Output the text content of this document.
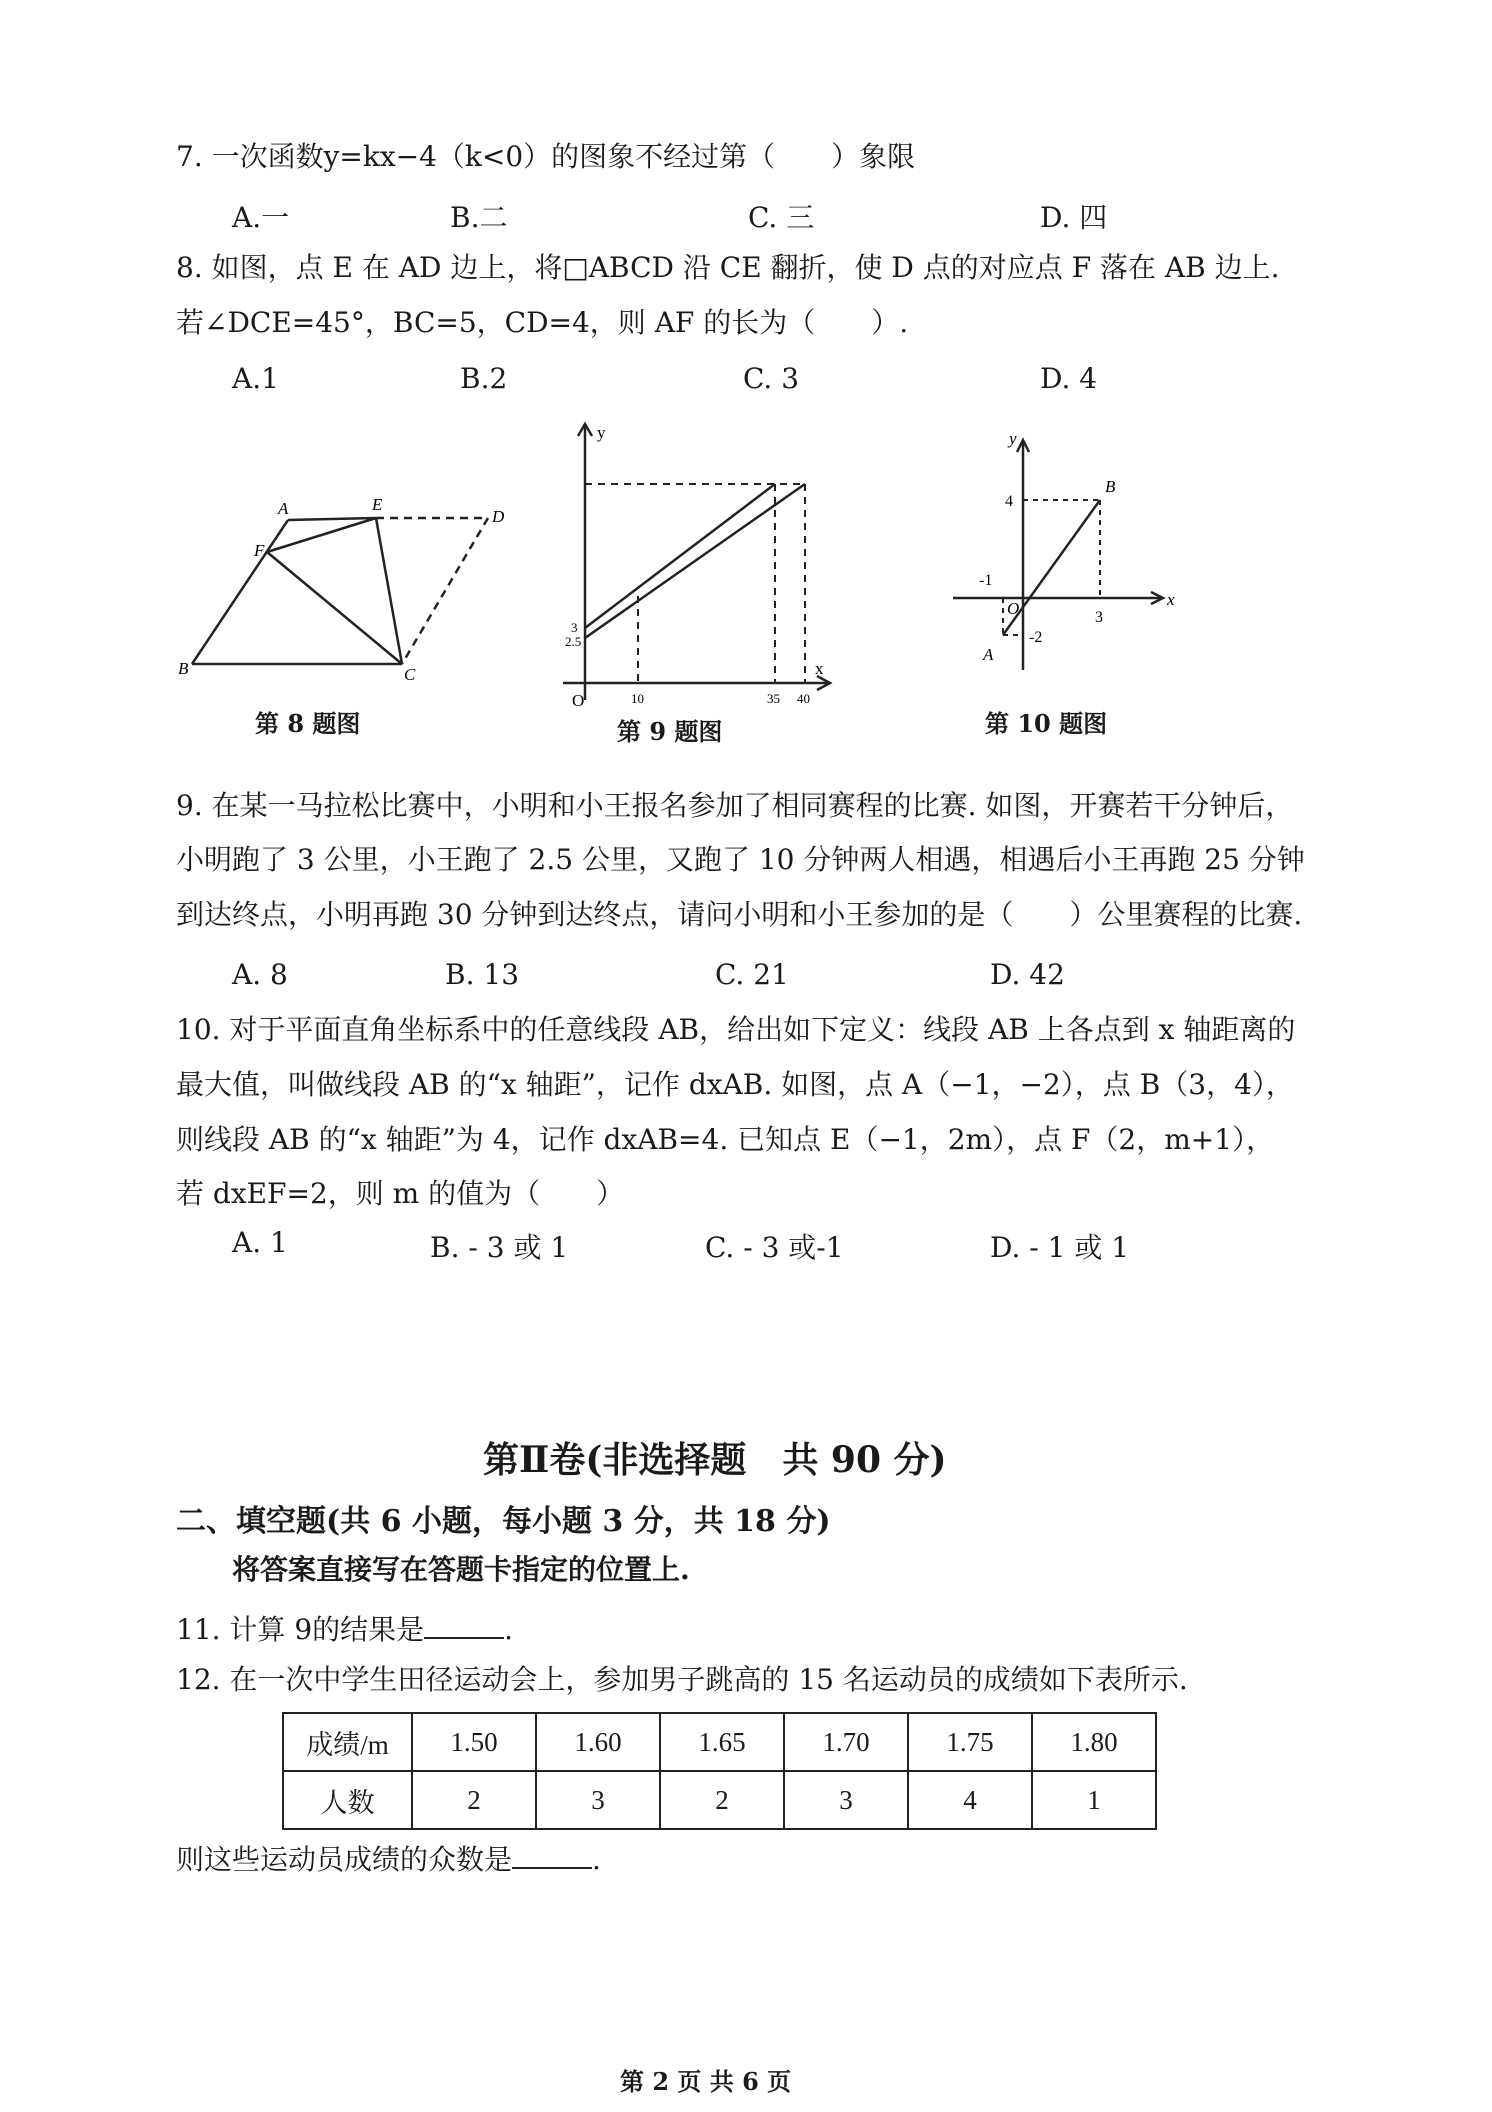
7. 一次函数y=kx−4（k<0）的图象不经过第（　　）象限
A.一	B.二	C. 三	D. 四
8. 如图，点 E 在 AD 边上，将□ABCD 沿 CE 翻折，使 D 点的对应点 F 落在 AB 边上.
若∠DCE=45°，BC=5，CD=4，则 AF 的长为（　　）.
A.1	B.2	C. 3	D. 4
A	E
D
F
B	C
第 8 题图
y
x
O
3
2.5
10	35 40
第 9 题图
y
x
O
B
A
4
-1
3
-2
第 10 题图
9. 在某一马拉松比赛中，小明和小王报名参加了相同赛程的比赛. 如图，开赛若干分钟后，
小明跑了 3 公里，小王跑了 2.5 公里，又跑了 10 分钟两人相遇，相遇后小王再跑 25 分钟
到达终点，小明再跑 30 分钟到达终点，请问小明和小王参加的是（　　）公里赛程的比赛.
A. 8	B. 13	C. 21	D. 42
10. 对于平面直角坐标系中的任意线段 AB，给出如下定义：线段 AB 上各点到 x 轴距离的
最大值，叫做线段 AB 的“x 轴距”，记作 dxAB. 如图，点 A（−1，−2），点 B（3，4），
则线段 AB 的“x 轴距”为 4，记作 dxAB=4. 已知点 E（−1，2m），点 F（2，m+1），
若 dxEF=2，则 m 的值为（　　）
A. 1	B. - 3 或 1	C. - 3 或-1	D. - 1 或 1
第Ⅱ卷(非选择题　共 90 分)
二、填空题(共 6 小题，每小题 3 分，共 18 分)
将答案直接写在答题卡指定的位置上.
11. 计算 9的结果是	.
12. 在一次中学生田径运动会上，参加男子跳高的 15 名运动员的成绩如下表所示.
成绩/m	1.50	1.60	1.65	1.70	1.75	1.80
人数	2	3	2	3	4	1
则这些运动员成绩的众数是	.
第 2 页 共 6 页
